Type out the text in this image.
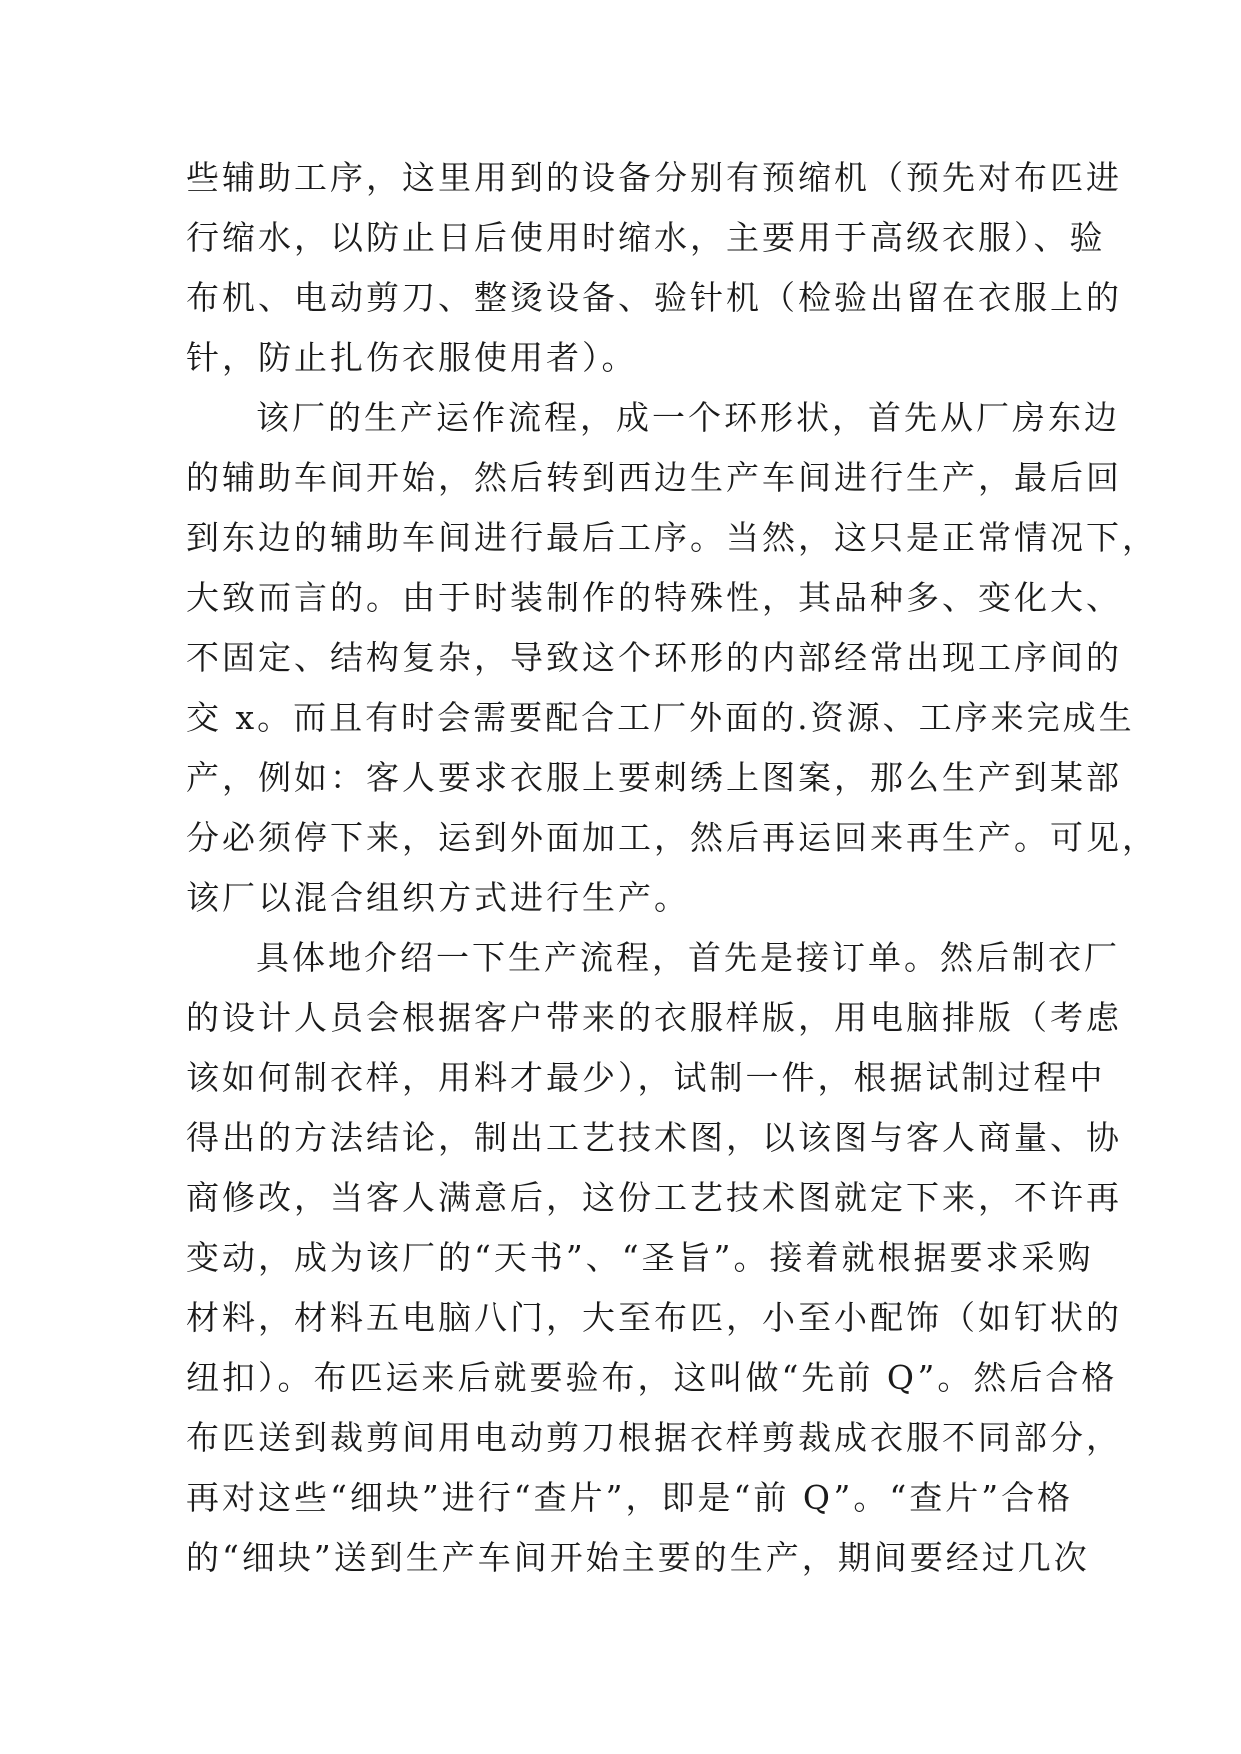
些辅助工序，这里用到的设备分别有预缩机（预先对布匹进
行缩水，以防止日后使用时缩水，主要用于高级衣服）、验
布机、电动剪刀、整烫设备、验针机（检验出留在衣服上的
针，防止扎伤衣服使用者）。
该厂的生产运作流程，成一个环形状，首先从厂房东边
的辅助车间开始，然后转到西边生产车间进行生产，最后回
到东边的辅助车间进行最后工序。当然，这只是正常情况下，
大致而言的。由于时装制作的特殊性，其品种多、变化大、
不固定、结构复杂，导致这个环形的内部经常出现工序间的
交 x。而且有时会需要配合工厂外面的.资源、工序来完成生
产，例如：客人要求衣服上要刺绣上图案，那么生产到某部
分必须停下来，运到外面加工，然后再运回来再生产。可见，
该厂以混合组织方式进行生产。
具体地介绍一下生产流程，首先是接订单。然后制衣厂
的设计人员会根据客户带来的衣服样版，用电脑排版（考虑
该如何制衣样，用料才最少），试制一件，根据试制过程中
得出的方法结论，制出工艺技术图，以该图与客人商量、协
商修改，当客人满意后，这份工艺技术图就定下来，不许再
变动，成为该厂的“天书”、“圣旨”。接着就根据要求采购
材料，材料五电脑八门，大至布匹，小至小配饰（如钉状的
纽扣）。布匹运来后就要验布，这叫做“先前 Q”。然后合格
布匹送到裁剪间用电动剪刀根据衣样剪裁成衣服不同部分，
再对这些“细块”进行“查片”，即是“前 Q”。“查片”合格
的“细块”送到生产车间开始主要的生产，期间要经过几次
